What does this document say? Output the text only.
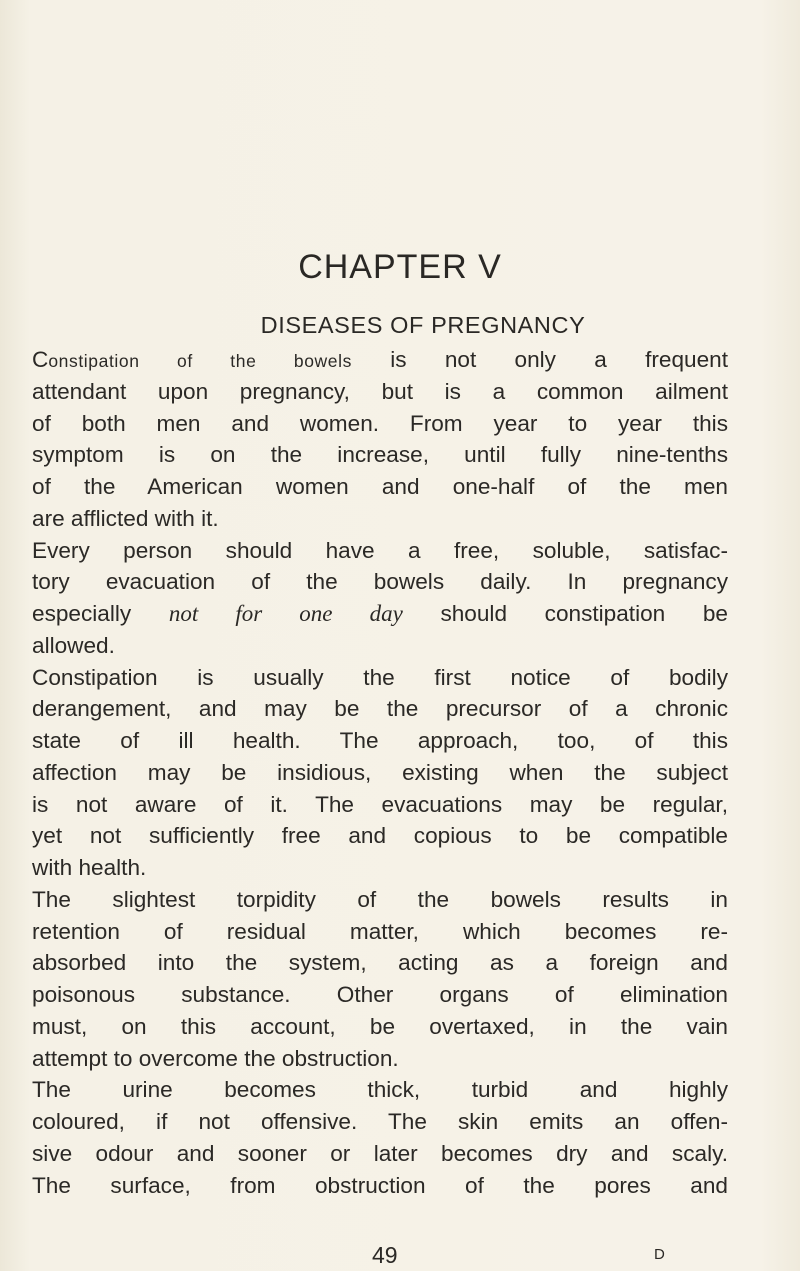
CHAPTER V
DISEASES OF PREGNANCY
Constipation of the bowels is not only a frequent
attendant upon pregnancy, but is a common ailment
of both men and women. From year to year this
symptom is on the increase, until fully nine-tenths
of the American women and one-half of the men
are afflicted with it.
Every person should have a free, soluble, satisfac-
tory evacuation of the bowels daily. In pregnancy
especially not for one day should constipation be
allowed.
Constipation is usually the first notice of bodily
derangement, and may be the precursor of a chronic
state of ill health. The approach, too, of this
affection may be insidious, existing when the subject
is not aware of it. The evacuations may be regular,
yet not sufficiently free and copious to be compatible
with health.
The slightest torpidity of the bowels results in
retention of residual matter, which becomes re-
absorbed into the system, acting as a foreign and
poisonous substance. Other organs of elimination
must, on this account, be overtaxed, in the vain
attempt to overcome the obstruction.
The urine becomes thick, turbid and highly
coloured, if not offensive. The skin emits an offen-
sive odour and sooner or later becomes dry and scaly.
The surface, from obstruction of the pores and

49	D
